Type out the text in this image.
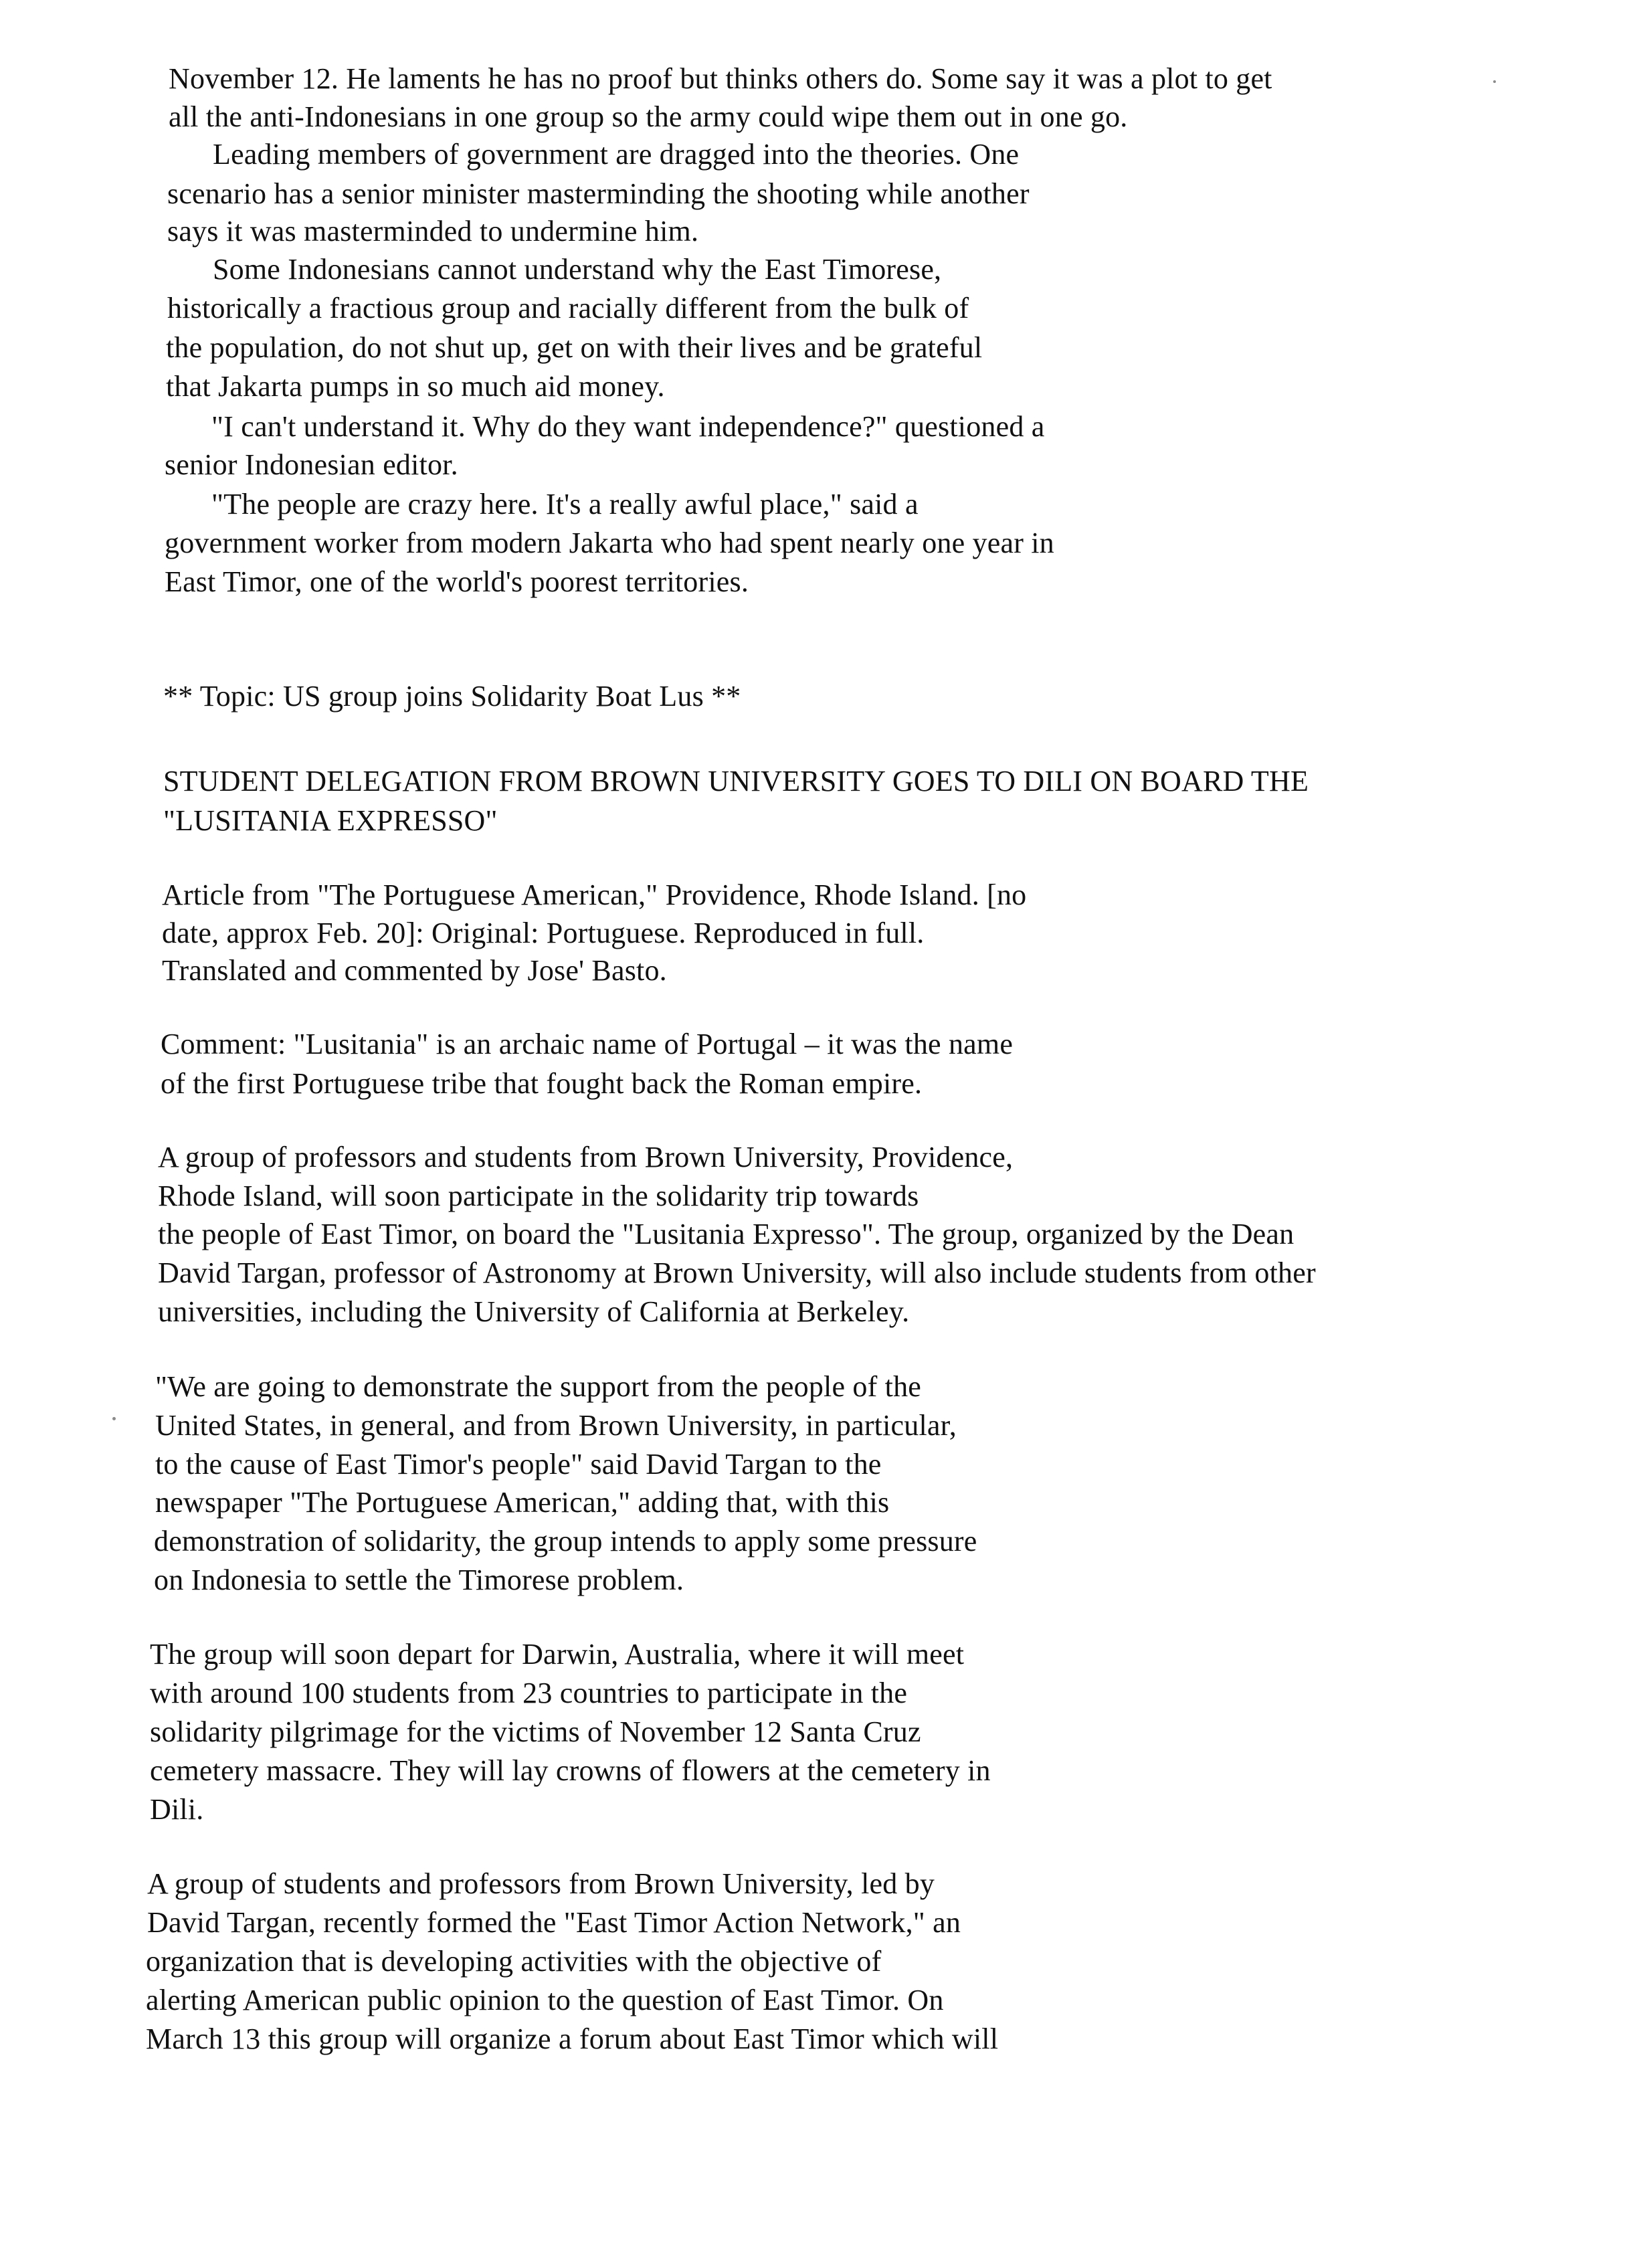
November 12. He laments he has no proof but thinks others do. Some say it was a plot to get
all the anti-Indonesians in one group so the army could wipe them out in one go.
Leading members of government are dragged into the theories. One
scenario has a senior minister masterminding the shooting while another
says it was masterminded to undermine him.
Some Indonesians cannot understand why the East Timorese,
historically a fractious group and racially different from the bulk of
the population, do not shut up, get on with their lives and be grateful
that Jakarta pumps in so much aid money.
"I can't understand it. Why do they want independence?" questioned a
senior Indonesian editor.
"The people are crazy here. It's a really awful place," said a
government worker from modern Jakarta who had spent nearly one year in
East Timor, one of the world's poorest territories.
** Topic: US group joins Solidarity Boat Lus **
STUDENT DELEGATION FROM BROWN UNIVERSITY GOES TO DILI ON BOARD THE
"LUSITANIA EXPRESSO"
Article from "The Portuguese American," Providence, Rhode Island. [no
date, approx Feb. 20]: Original: Portuguese. Reproduced in full.
Translated and commented by Jose' Basto.
Comment: "Lusitania" is an archaic name of Portugal – it was the name
of the first Portuguese tribe that fought back the Roman empire.
A group of professors and students from Brown University, Providence,
Rhode Island, will soon participate in the solidarity trip towards
the people of East Timor, on board the "Lusitania Expresso". The group, organized by the Dean
David Targan, professor of Astronomy at Brown University, will also include students from other
universities, including the University of California at Berkeley.
"We are going to demonstrate the support from the people of the
United States, in general, and from Brown University, in particular,
to the cause of East Timor's people" said David Targan to the
newspaper "The Portuguese American," adding that, with this
demonstration of solidarity, the group intends to apply some pressure
on Indonesia to settle the Timorese problem.
The group will soon depart for Darwin, Australia, where it will meet
with around 100 students from 23 countries to participate in the
solidarity pilgrimage for the victims of November 12 Santa Cruz
cemetery massacre. They will lay crowns of flowers at the cemetery in
Dili.
A group of students and professors from Brown University, led by
David Targan, recently formed the "East Timor Action Network," an
organization that is developing activities with the objective of
alerting American public opinion to the question of East Timor. On
March 13 this group will organize a forum about East Timor which will
